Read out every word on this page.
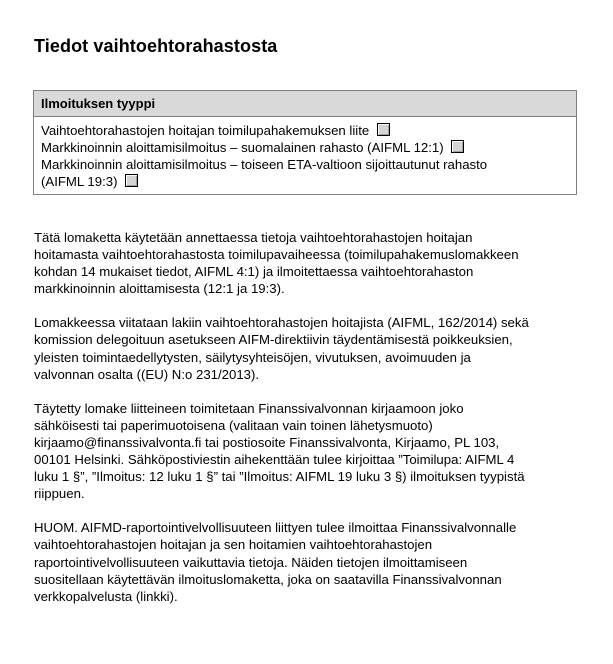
Tiedot vaihtoehtorahastosta
Ilmoituksen tyyppi
Vaihtoehtorahastojen hoitajan toimilupahakemuksen liite
Markkinoinnin aloittamisilmoitus – suomalainen rahasto (AIFML 12:1)
Markkinoinnin aloittamisilmoitus – toiseen ETA-valtioon sijoittautunut rahasto
(AIFML 19:3)
Tätä lomaketta käytetään annettaessa tietoja vaihtoehtorahastojen hoitajan
hoitamasta vaihtoehtorahastosta toimilupavaiheessa (toimilupahakemuslomakkeen
kohdan 14 mukaiset tiedot, AIFML 4:1) ja ilmoitettaessa vaihtoehtorahaston
markkinoinnin aloittamisesta (12:1 ja 19:3).
Lomakkeessa viitataan lakiin vaihtoehtorahastojen hoitajista (AIFML, 162/2014) sekä
komission delegoituun asetukseen AIFM-direktiivin täydentämisestä poikkeuksien,
yleisten toimintaedellytysten, säilytysyhteisöjen, vivutuksen, avoimuuden ja
valvonnan osalta ((EU) N:o 231/2013).
Täytetty lomake liitteineen toimitetaan Finanssivalvonnan kirjaamoon joko
sähköisesti tai paperimuotoisena (valitaan vain toinen lähetysmuoto)
kirjaamo@finanssivalvonta.fi tai postiosoite Finanssivalvonta, Kirjaamo, PL 103,
00101 Helsinki. Sähköpostiviestin aihekenttään tulee kirjoittaa ”Toimilupa: AIFML 4
luku 1 §”, ”Ilmoitus: 12 luku 1 §” tai ”Ilmoitus: AIFML 19 luku 3 §) ilmoituksen tyypistä
riippuen.
HUOM. AIFMD-raportointivelvollisuuteen liittyen tulee ilmoittaa Finanssivalvonnalle
vaihtoehtorahastojen hoitajan ja sen hoitamien vaihtoehtorahastojen
raportointivelvollisuuteen vaikuttavia tietoja. Näiden tietojen ilmoittamiseen
suositellaan käytettävän ilmoituslomaketta, joka on saatavilla Finanssivalvonnan
verkkopalvelusta (linkki).
